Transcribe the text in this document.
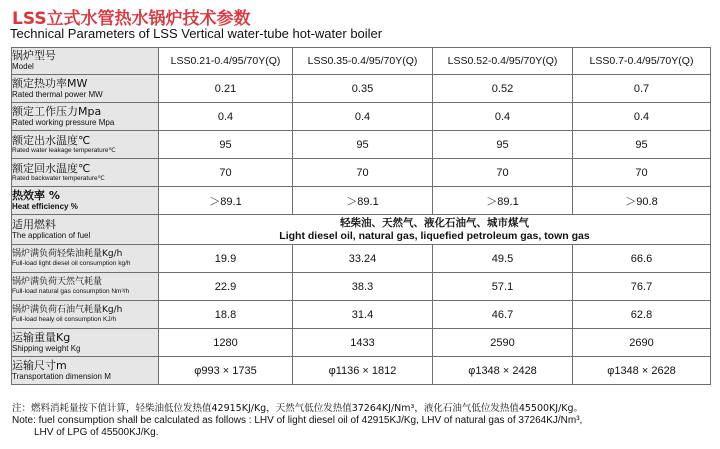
LSS立式水管热水锅炉技术参数
Technical Parameters of LSS Vertical water-tube hot-water boiler
锅炉型号
Model	LSS0.21-0.4/95/70Y(Q)	LSS0.35-0.4/95/70Y(Q)	LSS0.52-0.4/95/70Y(Q)	LSS0.7-0.4/95/70Y(Q)

额定热功率MW
Rated thermal power MW	0.21	0.35	0.52	0.7

额定工作压力Mpa
Rated working pressure Mpa	0.4	0.4	0.4	0.4

额定出水温度℃
Rated water leakage temperature℃	95	95	95	95

额定回水温度℃
Rated backwater temperature℃	70	70	70	70

热效率 %
Heat efficiency %	＞89.1	＞89.1	＞89.1	＞90.8

适用燃料
The application of fuel	轻柴油、天然气、液化石油气、城市煤气
Light diesel oil, natural gas, liquefied petroleum gas, town gas			

锅炉满负荷轻柴油耗量Kg/h
Full-load light diesel oil consumption kg/h	19.9	33.24	49.5	66.6

锅炉满负荷天然气耗量
Full-load natural gas consumption Nm³/h	22.9	38.3	57.1	76.7

锅炉满负荷石油气耗量Kg/h
Full-load healy oil consumption KJ/h	18.8	31.4	46.7	62.8

运输重量Kg
Shipping weight Kg	1280	1433	2590	2690

运输尺寸m
Transportation dimension M	φ993 × 1735	φ1136 × 1812	φ1348 × 2428	φ1348 × 2628
注：燃料消耗量按下值计算，轻柴油低位发热值42915KJ/Kg，天然气低位发热值37264KJ/Nm³，液化石油气低位发热值45500KJ/Kg。
Note: fuel consumption shall be calculated as follows : LHV of light diesel oil of 42915KJ/Kg, LHV of natural gas of 37264KJ/Nm³,
LHV of LPG of 45500KJ/Kg.
